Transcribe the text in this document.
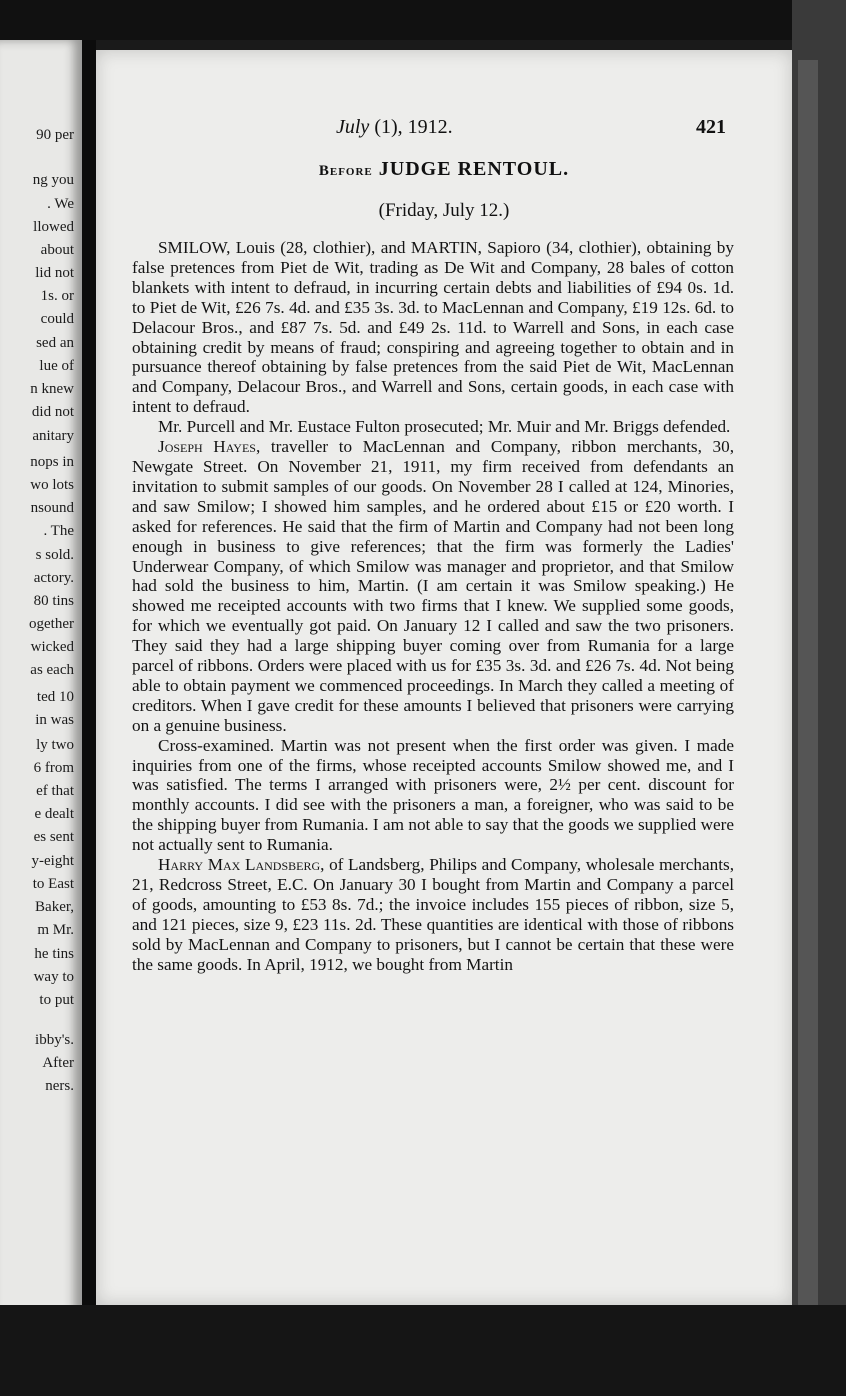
90 per
ng you
. We
llowed
about
lid not
1s. or
could
sed an
lue of
n knew
did not
anitary
nops in
wo lots
nsound
. The
s sold.
actory.
80 tins
ogether
wicked
as each
ted 10
in was
ly two
6 from
ef that
e dealt
es sent
y-eight
to East
Baker,
m Mr.
he tins
way to
to put
ibby's.
After
ners.
July (1), 1912.	421
Before JUDGE RENTOUL.
(Friday, July 12.)

SMILOW, Louis (28, clothier), and MARTIN, Sapioro (34, clothier), obtaining by false pretences from Piet de Wit, trading as De Wit and Company, 28 bales of cotton blankets with intent to defraud, in incurring certain debts and liabilities of £94 0s. 1d. to Piet de Wit, £26 7s. 4d. and £35 3s. 3d. to MacLennan and Company, £19 12s. 6d. to Delacour Bros., and £87 7s. 5d. and £49 2s. 11d. to Warrell and Sons, in each case obtaining credit by means of fraud; conspiring and agreeing together to obtain and in pursuance thereof obtaining by false pretences from the said Piet de Wit, MacLennan and Company, Delacour Bros., and Warrell and Sons, certain goods, in each case with intent to defraud.

Mr. Purcell and Mr. Eustace Fulton prosecuted; Mr. Muir and Mr. Briggs defended.

Joseph Hayes, traveller to MacLennan and Company, ribbon merchants, 30, Newgate Street. On November 21, 1911, my firm received from defendants an invitation to submit samples of our goods. On November 28 I called at 124, Minories, and saw Smilow; I showed him samples, and he ordered about £15 or £20 worth. I asked for references. He said that the firm of Martin and Company had not been long enough in business to give references; that the firm was formerly the Ladies' Underwear Company, of which Smilow was manager and proprietor, and that Smilow had sold the business to him, Martin. (I am certain it was Smilow speaking.) He showed me receipted accounts with two firms that I knew. We supplied some goods, for which we eventually got paid. On January 12 I called and saw the two prisoners. They said they had a large shipping buyer coming over from Rumania for a large parcel of ribbons. Orders were placed with us for £35 3s. 3d. and £26 7s. 4d. Not being able to obtain payment we commenced proceedings. In March they called a meeting of creditors. When I gave credit for these amounts I believed that prisoners were carrying on a genuine business.

Cross-examined. Martin was not present when the first order was given. I made inquiries from one of the firms, whose receipted accounts Smilow showed me, and I was satisfied. The terms I arranged with prisoners were, 2½ per cent. discount for monthly accounts. I did see with the prisoners a man, a foreigner, who was said to be the shipping buyer from Rumania. I am not able to say that the goods we supplied were not actually sent to Rumania.

Harry Max Landsberg, of Landsberg, Philips and Company, wholesale merchants, 21, Redcross Street, E.C. On January 30 I bought from Martin and Company a parcel of goods, amounting to £53 8s. 7d.; the invoice includes 155 pieces of ribbon, size 5, and 121 pieces, size 9, £23 11s. 2d. These quantities are identical with those of ribbons sold by MacLennan and Company to prisoners, but I cannot be certain that these were the same goods. In April, 1912, we bought from Martin
